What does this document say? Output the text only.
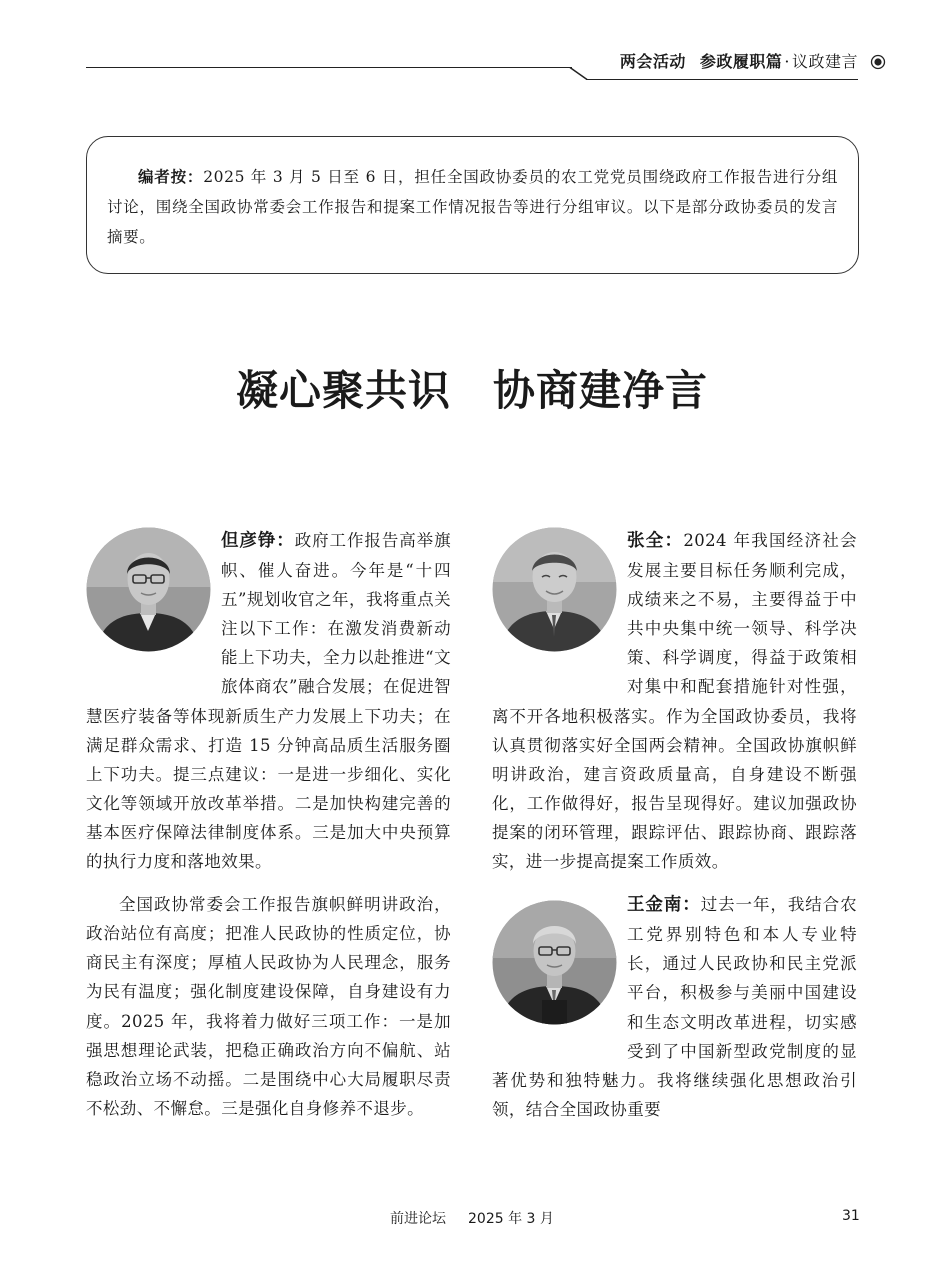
两会活动 参政履职篇 · 议政建言

编者按：2025 年 3 月 5 日至 6 日，担任全国政协委员的农工党党员围绕政府工作报告进行分组讨论，围绕全国政协常委会工作报告和提案工作情况报告等进行分组审议。以下是部分政协委员的发言摘要。

凝心聚共识 协商建净言

但彦铮：政府工作报告高举旗帜、催人奋进。今年是“十四五”规划收官之年，我将重点关注以下工作：在激发消费新动能上下功夫，全力以赴推进“文旅体商农”融合发展；在促进智慧医疗装备等体现新质生产力发展上下功夫；在满足群众需求、打造 15 分钟高品质生活服务圈上下功夫。提三点建议：一是进一步细化、实化文化等领域开放改革举措。二是加快构建完善的基本医疗保障法律制度体系。三是加大中央预算的执行力度和落地效果。

全国政协常委会工作报告旗帜鲜明讲政治，政治站位有高度；把准人民政协的性质定位，协商民主有深度；厚植人民政协为人民理念，服务为民有温度；强化制度建设保障，自身建设有力度。2025 年，我将着力做好三项工作：一是加强思想理论武装，把稳正确政治方向不偏航、站稳政治立场不动摇。二是围绕中心大局履职尽责不松劲、不懈怠。三是强化自身修养不退步。

张全：2024 年我国经济社会发展主要目标任务顺利完成，成绩来之不易，主要得益于中共中央集中统一领导、科学决策、科学调度，得益于政策相对集中和配套措施针对性强，离不开各地积极落实。作为全国政协委员，我将认真贯彻落实好全国两会精神。全国政协旗帜鲜明讲政治，建言资政质量高，自身建设不断强化，工作做得好，报告呈现得好。建议加强政协提案的闭环管理，跟踪评估、跟踪协商、跟踪落实，进一步提高提案工作质效。

王金南：过去一年，我结合农工党界别特色和本人专业特长，通过人民政协和民主党派平台，积极参与美丽中国建设和生态文明改革进程，切实感受到了中国新型政党制度的显著优势和独特魅力。我将继续强化思想政治引领，结合全国政协重要

前进论坛 2025 年 3 月	31
